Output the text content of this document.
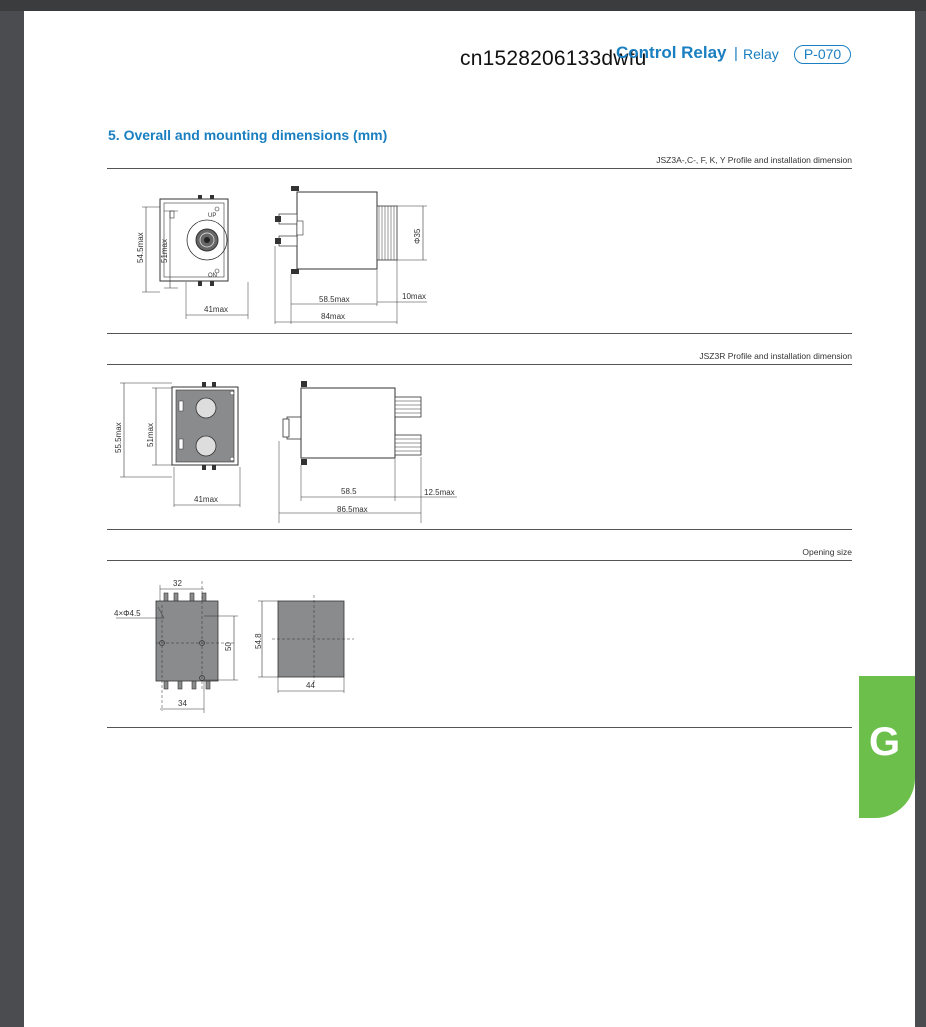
cn1528206133dwfu
Control Relay | Relay	P-070
5. Overall and mounting dimensions (mm)
JSZ3A-,C-, F, K, Y Profile and installation dimension
UP
ON
54.5max 51max
41max
Φ35
58.5max	10max
84max
JSZ3R Profile and installation dimension
55.5max	51max
41max
58.5	12.5max
86.5max
Opening size
32
4×Φ4.5
50
34
54.8
44
G
